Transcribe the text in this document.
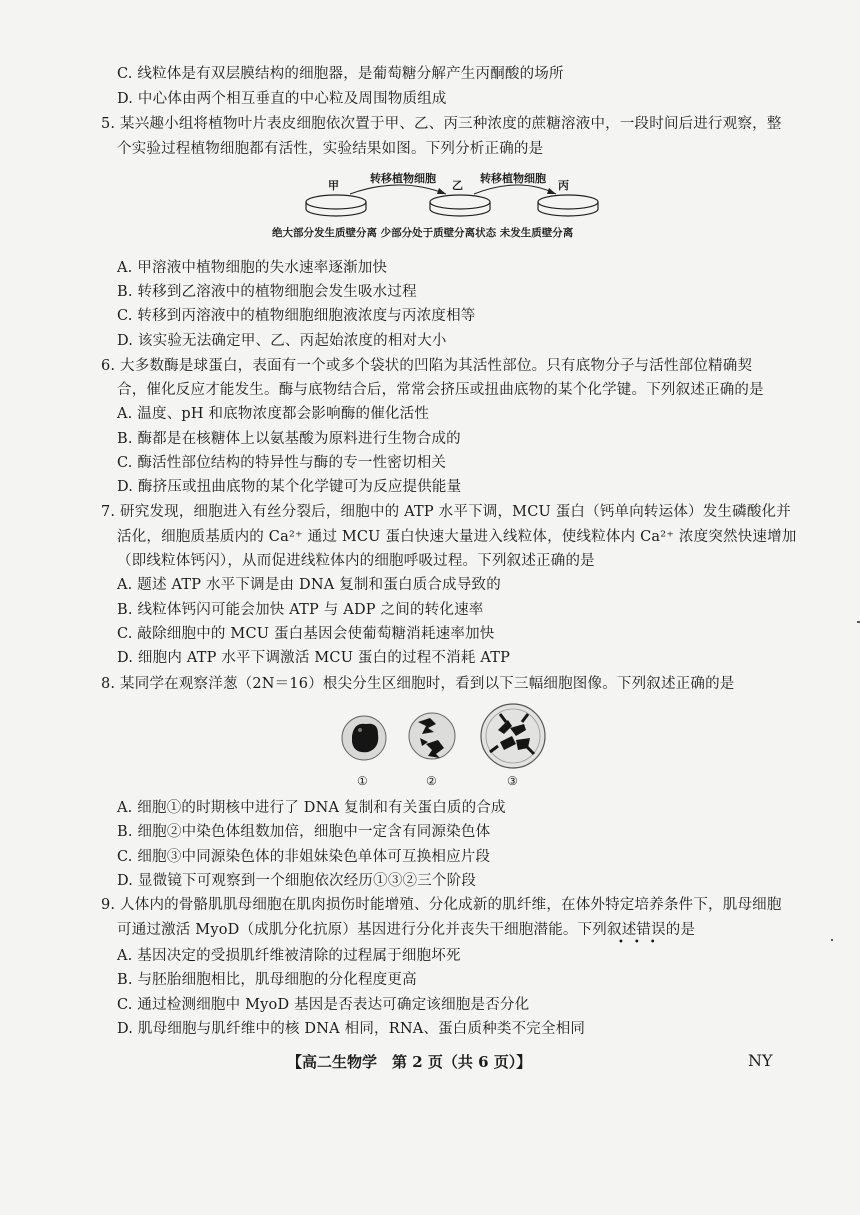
C. 线粒体是有双层膜结构的细胞器，是葡萄糖分解产生丙酮酸的场所
D. 中心体由两个相互垂直的中心粒及周围物质组成
5. 某兴趣小组将植物叶片表皮细胞依次置于甲、乙、丙三种浓度的蔗糖溶液中，一段时间后进行观察，整
个实验过程植物细胞都有活性，实验结果如图。下列分析正确的是
甲
转移植物细胞
乙
转移植物细胞
丙
绝大部分发生质壁分离 少部分处于质壁分离状态 未发生质壁分离
A. 甲溶液中植物细胞的失水速率逐渐加快
B. 转移到乙溶液中的植物细胞会发生吸水过程
C. 转移到丙溶液中的植物细胞细胞液浓度与丙浓度相等
D. 该实验无法确定甲、乙、丙起始浓度的相对大小
6. 大多数酶是球蛋白，表面有一个或多个袋状的凹陷为其活性部位。只有底物分子与活性部位精确契
合，催化反应才能发生。酶与底物结合后，常常会挤压或扭曲底物的某个化学键。下列叙述正确的是
A. 温度、pH 和底物浓度都会影响酶的催化活性
B. 酶都是在核糖体上以氨基酸为原料进行生物合成的
C. 酶活性部位结构的特异性与酶的专一性密切相关
D. 酶挤压或扭曲底物的某个化学键可为反应提供能量
7. 研究发现，细胞进入有丝分裂后，细胞中的 ATP 水平下调，MCU 蛋白（钙单向转运体）发生磷酸化并
活化，细胞质基质内的 Ca²⁺ 通过 MCU 蛋白快速大量进入线粒体，使线粒体内 Ca²⁺ 浓度突然快速增加
（即线粒体钙闪），从而促进线粒体内的细胞呼吸过程。下列叙述正确的是
A. 题述 ATP 水平下调是由 DNA 复制和蛋白质合成导致的
B. 线粒体钙闪可能会加快 ATP 与 ADP 之间的转化速率
C. 敲除细胞中的 MCU 蛋白基因会使葡萄糖消耗速率加快
D. 细胞内 ATP 水平下调激活 MCU 蛋白的过程不消耗 ATP
8. 某同学在观察洋葱（2N＝16）根尖分生区细胞时，看到以下三幅细胞图像。下列叙述正确的是
①	②	③
A. 细胞①的时期核中进行了 DNA 复制和有关蛋白质的合成
B. 细胞②中染色体组数加倍，细胞中一定含有同源染色体
C. 细胞③中同源染色体的非姐妹染色单体可互换相应片段
D. 显微镜下可观察到一个细胞依次经历①③②三个阶段
9. 人体内的骨骼肌肌母细胞在肌肉损伤时能增殖、分化成新的肌纤维，在体外特定培养条件下，肌母细胞
可通过激活 MyoD（成肌分化抗原）基因进行分化并丧失干细胞潜能。下列叙述错误的是
•••
A. 基因决定的受损肌纤维被清除的过程属于细胞坏死
B. 与胚胎细胞相比，肌母细胞的分化程度更高
C. 通过检测细胞中 MyoD 基因是否表达可确定该细胞是否分化
D. 肌母细胞与肌纤维中的核 DNA 相同，RNA、蛋白质种类不完全相同
【高二生物学　第 2 页（共 6 页）】	NY
